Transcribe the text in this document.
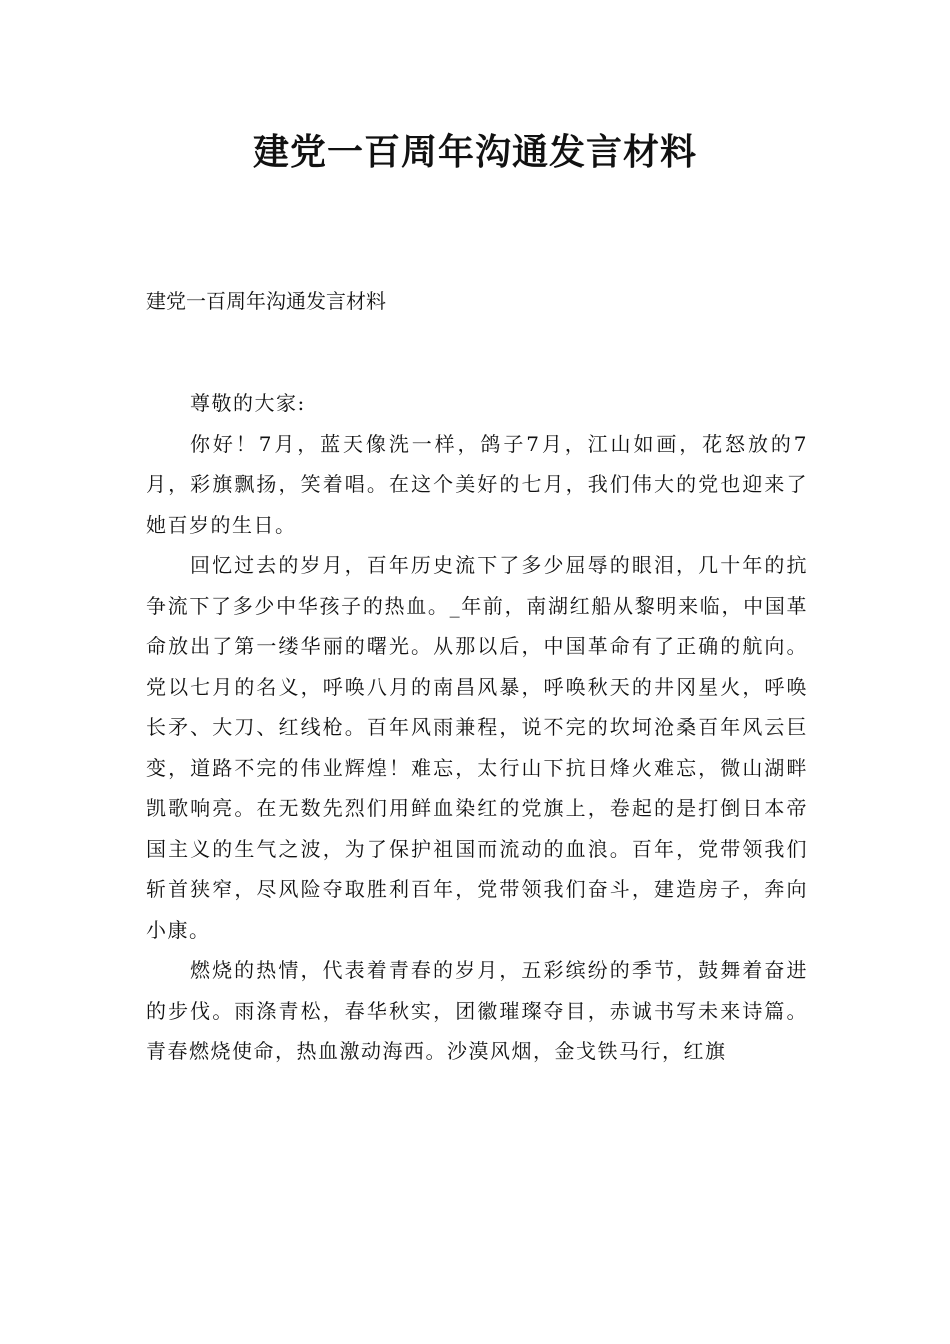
建党一百周年沟通发言材料
建党一百周年沟通发言材料

尊敬的大家:

你好！7月，蓝天像洗一样，鸽子7月，江山如画，花怒放的7月，彩旗飘扬，笑着唱。在这个美好的七月，我们伟大的党也迎来了她百岁的生日。

回忆过去的岁月，百年历史流下了多少屈辱的眼泪，几十年的抗争流下了多少中华孩子的热血。_年前，南湖红船从黎明来临，中国革命放出了第一缕华丽的曙光。从那以后，中国革命有了正确的航向。党以七月的名义，呼唤八月的南昌风暴，呼唤秋天的井冈星火，呼唤长矛、大刀、红线枪。百年风雨兼程，说不完的坎坷沧桑百年风云巨变，道路不完的伟业辉煌！难忘，太行山下抗日烽火难忘，微山湖畔凯歌响亮。在无数先烈们用鲜血染红的党旗上，卷起的是打倒日本帝国主义的生气之波，为了保护祖国而流动的血浪。百年，党带领我们斩首狭窄，尽风险夺取胜利百年，党带领我们奋斗，建造房子，奔向小康。

燃烧的热情，代表着青春的岁月，五彩缤纷的季节，鼓舞着奋进的步伐。雨涤青松，春华秋实，团徽璀璨夺目，赤诚书写未来诗篇。青春燃烧使命，热血激动海西。沙漠风烟，金戈铁马行，红旗
